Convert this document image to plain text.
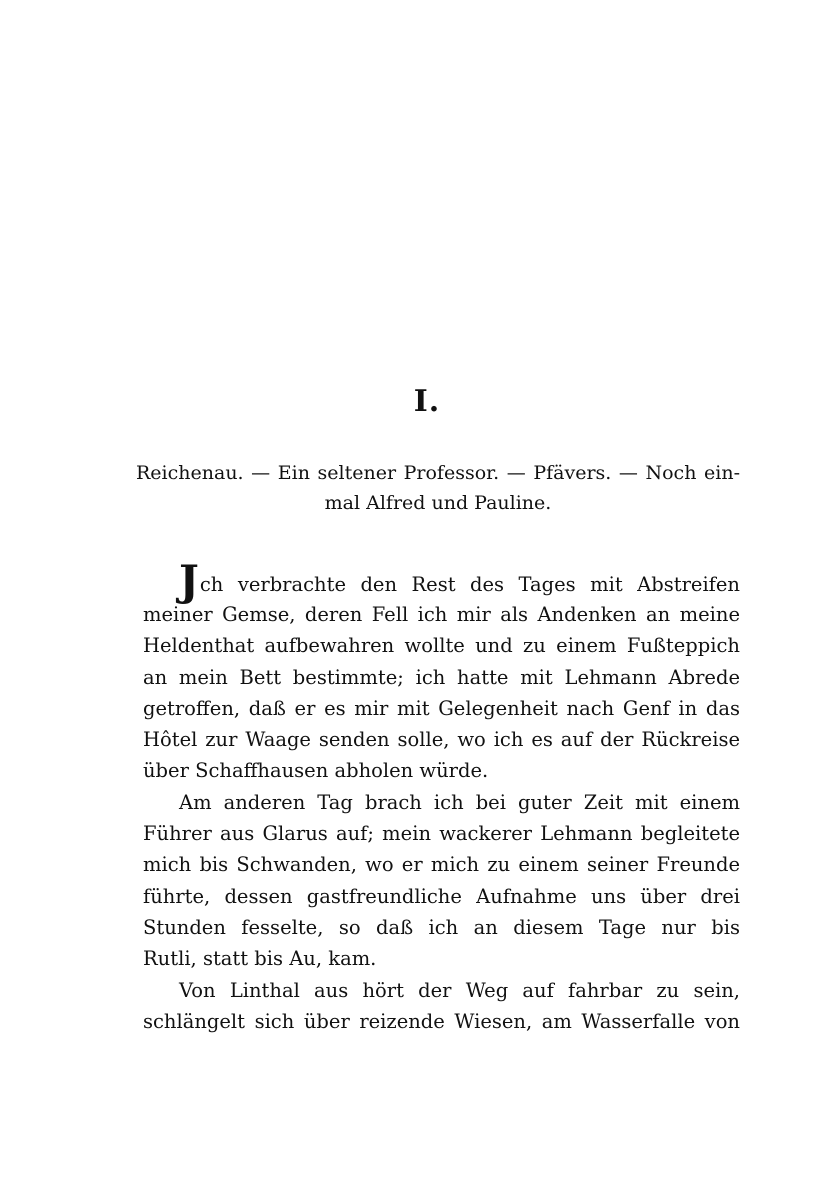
I.
Reichenau. — Ein seltener Professor. — Pfävers. — Noch ein-
mal Alfred und Pauline.
Jch verbrachte den Rest des Tages mit Abstreifen
meiner Gemse, deren Fell ich mir als Andenken an meine
Heldenthat aufbewahren wollte und zu einem Fußteppich
an mein Bett bestimmte; ich hatte mit Lehmann Abrede
getroffen, daß er es mir mit Gelegenheit nach Genf in das
Hôtel zur Waage senden solle, wo ich es auf der Rückreise
über Schaffhausen abholen würde.
Am anderen Tag brach ich bei guter Zeit mit einem
Führer aus Glarus auf; mein wackerer Lehmann begleitete
mich bis Schwanden, wo er mich zu einem seiner Freunde
führte, dessen gastfreundliche Aufnahme uns über drei
Stunden fesselte, so daß ich an diesem Tage nur bis
Rutli, statt bis Au, kam.
Von Linthal aus hört der Weg auf fahrbar zu sein,
schlängelt sich über reizende Wiesen, am Wasserfalle von
